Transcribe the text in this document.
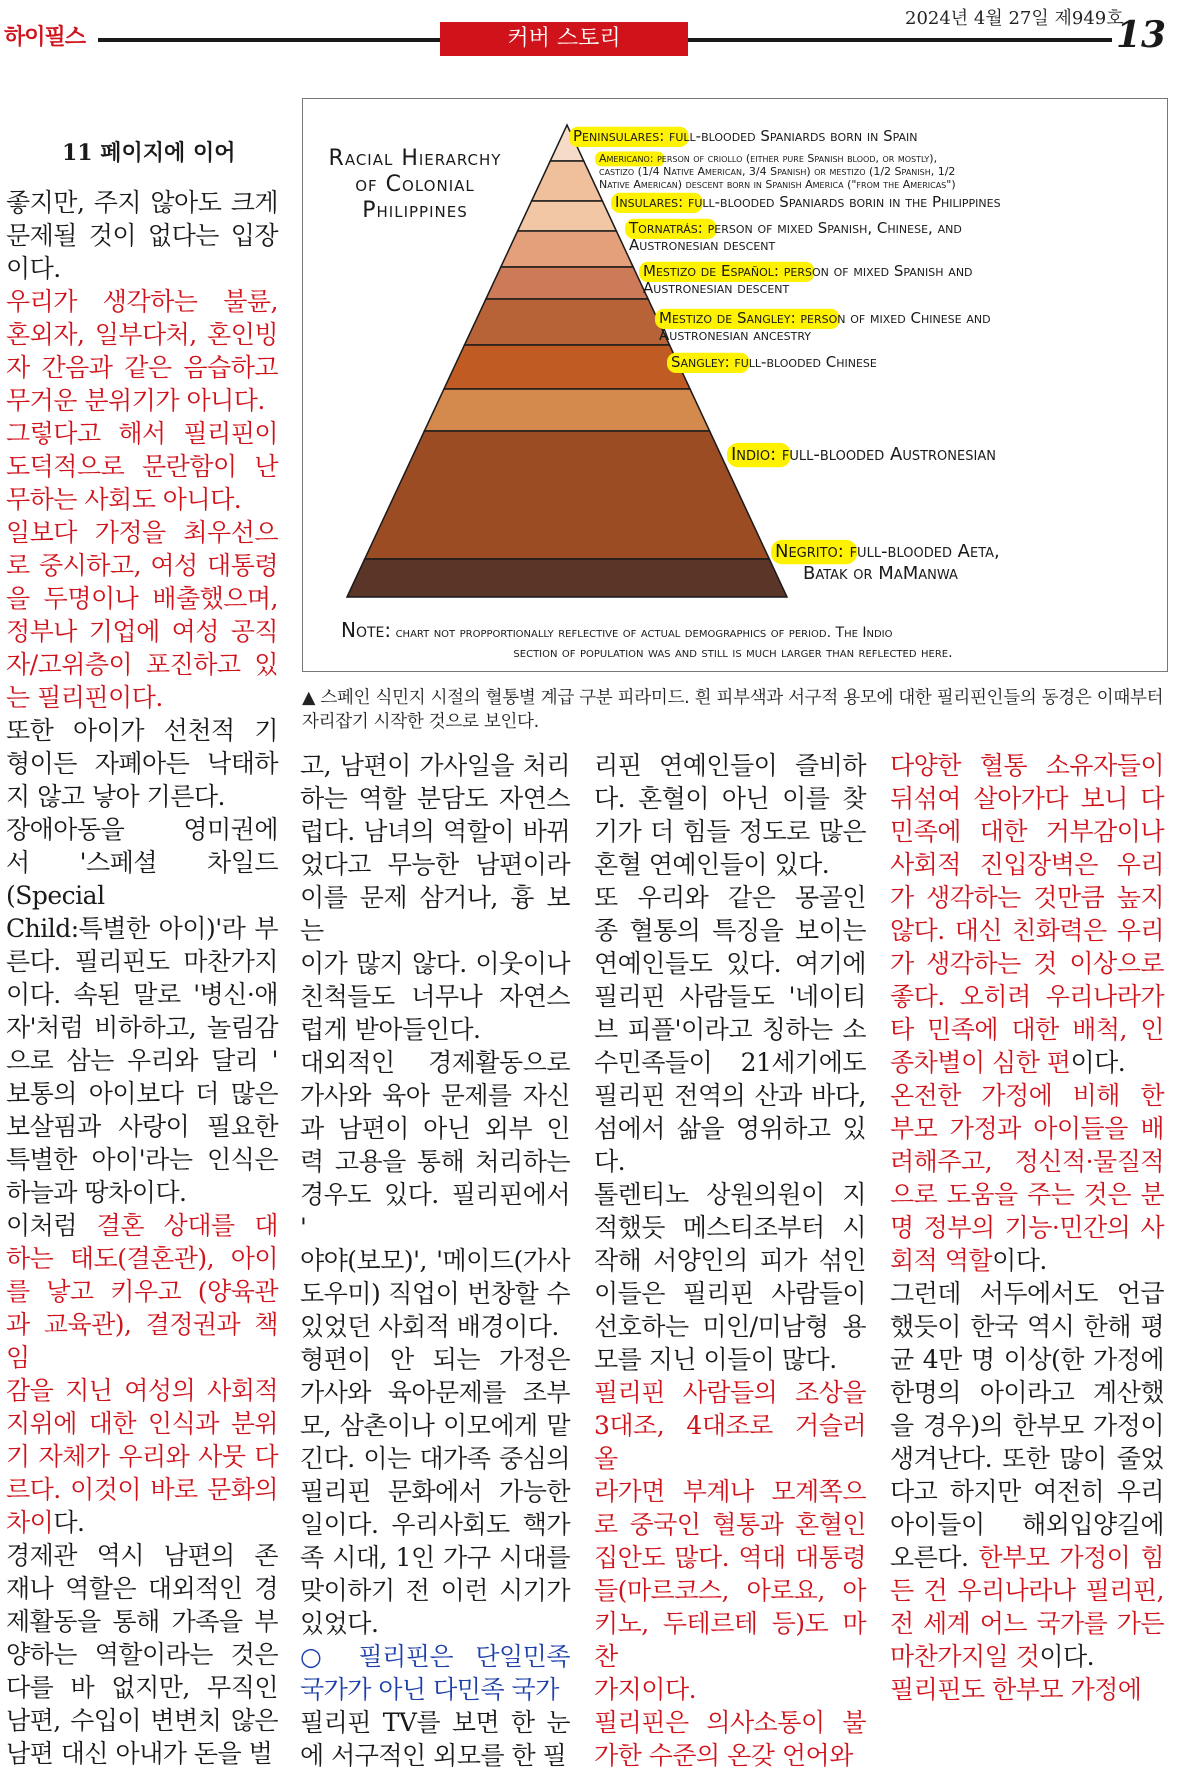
하이필스	커버 스토리
2024년 4월 27일 제949호
13
11 페이지에 이어	Racial Hierarchy
of Colonial
Philippines
Peninsulares: full-blooded Spaniards born in Spain
Americano: person of criollo (either pure Spanish blood, or mostly),
castizo (1/4 Native American, 3/4 Spanish) or mestizo (1/2 Spanish, 1/2
Native American) descent born in Spanish America ("from the Americas")
Insulares: full-blooded Spaniards borin in the Philippines
Tornatrás: person of mixed Spanish, Chinese, and
Austronesian descent
Mestizo de Español: person of mixed Spanish and
Austronesian descent
Mestizo de Sangley: person of mixed Chinese and
Austronesian ancestry
Sangley: full-blooded Chinese
Indio: full-blooded Austronesian
Negrito: full-blooded Aeta,
Batak or MaManwa
Note: chart not propportionally reflective of actual demographics of period. The Indio
section of population was and still is much larger than reflected here.
▲ 스페인 식민지 시절의 혈통별 계급 구분 피라미드. 흰 피부색과 서구적 용모에 대한 필리핀인들의 동경은 이때부터 자리잡기 시작한 것으로 보인다.

좋지만, 주지 않아도 크게

문제될 것이 없다는 입장

이다.

우리가 생각하는 불륜,

혼외자, 일부다처, 혼인빙

자 간음과 같은 음습하고

무거운 분위기가 아니다.

그렇다고 해서 필리핀이

도덕적으로 문란함이 난

무하는 사회도 아니다.

일보다 가정을 최우선으

로 중시하고, 여성 대통령

을 두명이나 배출했으며,

정부나 기업에 여성 공직

자/고위층이 포진하고 있

는 필리핀이다.

또한 아이가 선천적 기

형이든 자폐아든 낙태하

지 않고 낳아 기른다.

장애아동을 영미권에

서 '스페셜 차일드(Special

Child:특별한 아이)'라 부

른다. 필리핀도 마찬가지

이다. 속된 말로 '병신·애

자'처럼 비하하고, 놀림감

으로 삼는 우리와 달리 '

보통의 아이보다 더 많은

보살핌과 사랑이 필요한

특별한 아이'라는 인식은

하늘과 땅차이다.

이처럼 결혼 상대를 대

하는 태도(결혼관), 아이

를 낳고 키우고 (양육관

과 교육관), 결정권과 책임

감을 지닌 여성의 사회적

지위에 대한 인식과 분위

기 자체가 우리와 사뭇 다

르다. 이것이 바로 문화의

차이다.

경제관 역시 남편의 존

재나 역할은 대외적인 경

제활동을 통해 가족을 부

양하는 역할이라는 것은

다를 바 없지만, 무직인

남편, 수입이 변변치 않은

남편 대신 아내가 돈을 벌

고, 남편이 가사일을 처리

하는 역할 분담도 자연스

럽다. 남녀의 역할이 바뀌

었다고 무능한 남편이라

이를 문제 삼거나, 흉 보는

이가 많지 않다. 이웃이나

친척들도 너무나 자연스

럽게 받아들인다.

대외적인 경제활동으로

가사와 육아 문제를 자신

과 남편이 아닌 외부 인

력 고용을 통해 처리하는

경우도 있다. 필리핀에서 '

야야(보모)', '메이드(가사

도우미) 직업이 번창할 수

있었던 사회적 배경이다.

형편이 안 되는 가정은

가사와 육아문제를 조부

모, 삼촌이나 이모에게 맡

긴다. 이는 대가족 중심의

필리핀 문화에서 가능한

일이다. 우리사회도 핵가

족 시대, 1인 가구 시대를

맞이하기 전 이런 시기가

있었다.

○ 필리핀은 단일민족

국가가 아닌 다민족 국가

필리핀 TV를 보면 한 눈

에 서구적인 외모를 한 필

리핀 연예인들이 즐비하

다. 혼혈이 아닌 이를 찾

기가 더 힘들 정도로 많은

혼혈 연예인들이 있다.

또 우리와 같은 몽골인

종 혈통의 특징을 보이는

연예인들도 있다. 여기에

필리핀 사람들도 '네이티

브 피플'이라고 칭하는 소

수민족들이 21세기에도

필리핀 전역의 산과 바다,

섬에서 삶을 영위하고 있

다.

톨렌티노 상원의원이 지

적했듯 메스티조부터 시

작해 서양인의 피가 섞인

이들은 필리핀 사람들이

선호하는 미인/미남형 용

모를 지닌 이들이 많다.

필리핀 사람들의 조상을

3대조, 4대조로 거슬러 올

라가면 부계나 모계쪽으

로 중국인 혈통과 혼혈인

집안도 많다. 역대 대통령

들(마르코스, 아로요, 아

키노, 두테르테 등)도 마찬

가지이다.

필리핀은 의사소통이 불

가한 수준의 온갖 언어와

다양한 혈통 소유자들이

뒤섞여 살아가다 보니 다

민족에 대한 거부감이나

사회적 진입장벽은 우리

가 생각하는 것만큼 높지

않다. 대신 친화력은 우리

가 생각하는 것 이상으로

좋다. 오히려 우리나라가

타 민족에 대한 배척, 인

종차별이 심한 편이다.

온전한 가정에 비해 한

부모 가정과 아이들을 배

려해주고, 정신적·물질적

으로 도움을 주는 것은 분

명 정부의 기능·민간의 사

회적 역할이다.

그런데 서두에서도 언급

했듯이 한국 역시 한해 평

균 4만 명 이상(한 가정에

한명의 아이라고 계산했

을 경우)의 한부모 가정이

생겨난다. 또한 많이 줄었

다고 하지만 여전히 우리

아이들이 해외입양길에

오른다. 한부모 가정이 힘

든 건 우리나라나 필리핀,

전 세계 어느 국가를 가든

마찬가지일 것이다.

필리핀도 한부모 가정에
